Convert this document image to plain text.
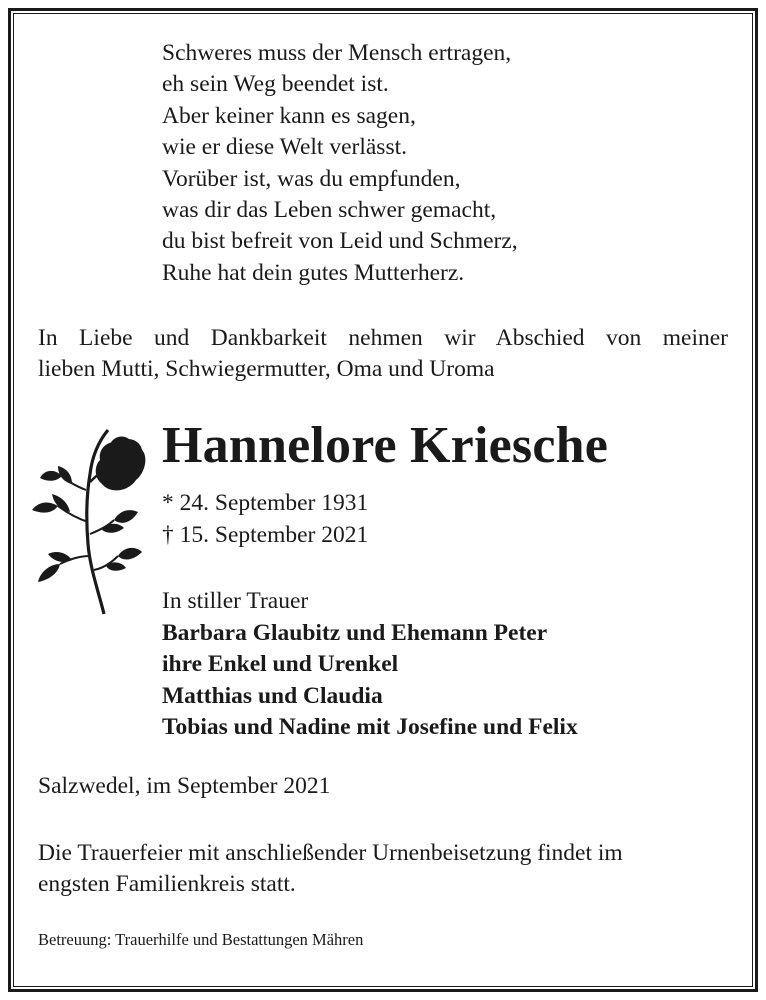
Schweres muss der Mensch ertragen,
eh sein Weg beendet ist.
Aber keiner kann es sagen,
wie er diese Welt verlässt.
Vorüber ist, was du empfunden,
was dir das Leben schwer gemacht,
du bist befreit von Leid und Schmerz,
Ruhe hat dein gutes Mutterherz.
In Liebe und Dankbarkeit nehmen wir Abschied von meiner
lieben Mutti, Schwiegermutter, Oma und Uroma
Hannelore Kriesche
* 24. September 1931
† 15. September 2021
In stiller Trauer
Barbara Glaubitz und Ehemann Peter
ihre Enkel und Urenkel
Matthias und Claudia
Tobias und Nadine mit Josefine und Felix

Salzwedel, im September 2021

Die Trauerfeier mit anschließender Urnenbeisetzung findet im
engsten Familienkreis statt.

Betreuung: Trauerhilfe und Bestattungen Mähren
